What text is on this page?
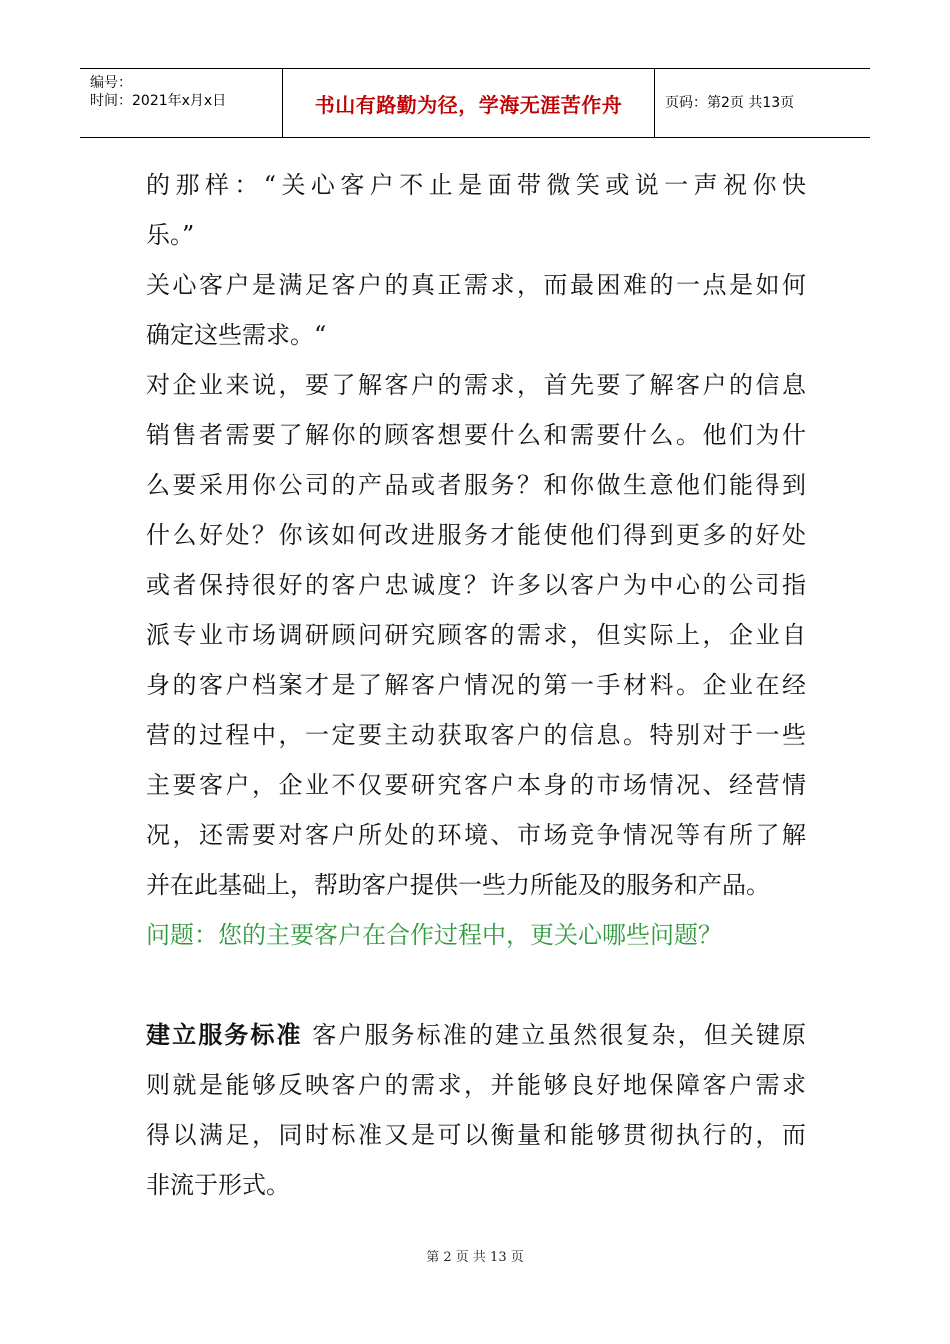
编号：
时间：2021年x月x日	书山有路勤为径，学海无涯苦作舟	页码：第2页 共13页
的那样：“关心客户不止是面带微笑或说一声祝你快
乐。”
关心客户是满足客户的真正需求，而最困难的一点是如何
确定这些需求。“
对企业来说，要了解客户的需求，首先要了解客户的信息
销售者需要了解你的顾客想要什么和需要什么。他们为什
么要采用你公司的产品或者服务？和你做生意他们能得到
什么好处？你该如何改进服务才能使他们得到更多的好处
或者保持很好的客户忠诚度？许多以客户为中心的公司指
派专业市场调研顾问研究顾客的需求，但实际上，企业自
身的客户档案才是了解客户情况的第一手材料。企业在经
营的过程中，一定要主动获取客户的信息。特别对于一些
主要客户，企业不仅要研究客户本身的市场情况、经营情
况，还需要对客户所处的环境、市场竞争情况等有所了解
并在此基础上，帮助客户提供一些力所能及的服务和产品。
问题：您的主要客户在合作过程中，更关心哪些问题？
建立服务标准 客户服务标准的建立虽然很复杂，但关键原
则就是能够反映客户的需求，并能够良好地保障客户需求
得以满足，同时标准又是可以衡量和能够贯彻执行的，而
非流于形式。
第 2 页 共 13 页
